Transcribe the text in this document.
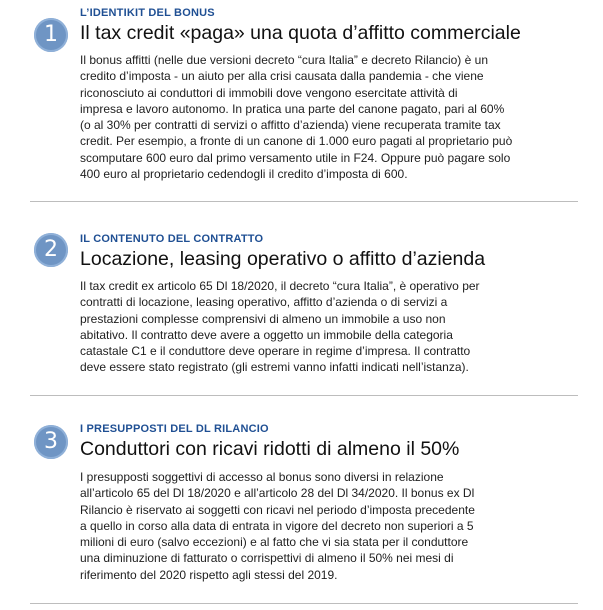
1
L’IDENTIKIT DEL BONUS
Il tax credit «paga» una quota d’affitto commerciale
Il bonus affitti (nelle due versioni decreto “cura Italia” e decreto Rilancio) è un
credito d’imposta - un aiuto per alla crisi causata dalla pandemia - che viene
riconosciuto ai conduttori di immobili dove vengono esercitate attività di
impresa e lavoro autonomo. In pratica una parte del canone pagato, pari al 60%
(o al 30% per contratti di servizi o affitto d’azienda) viene recuperata tramite tax
credit. Per esempio, a fronte di un canone di 1.000 euro pagati al proprietario può
scomputare 600 euro dal primo versamento utile in F24. Oppure può pagare solo
400 euro al proprietario cedendogli il credito d’imposta di 600.
2	IL CONTENUTO DEL CONTRATTO
Locazione, leasing operativo o affitto d’azienda
Il tax credit ex articolo 65 Dl 18/2020, il decreto “cura Italia”, è operativo per
contratti di locazione, leasing operativo, affitto d’azienda o di servizi a
prestazioni complesse comprensivi di almeno un immobile a uso non
abitativo. Il contratto deve avere a oggetto un immobile della categoria
catastale C1 e il conduttore deve operare in regime d’impresa. Il contratto
deve essere stato registrato (gli estremi vanno infatti indicati nell’istanza).
3	I PRESUPPOSTI DEL DL RILANCIO
Conduttori con ricavi ridotti di almeno il 50%
I presupposti soggettivi di accesso al bonus sono diversi in relazione
all’articolo 65 del Dl 18/2020 e all’articolo 28 del Dl 34/2020. Il bonus ex Dl
Rilancio è riservato ai soggetti con ricavi nel periodo d’imposta precedente
a quello in corso alla data di entrata in vigore del decreto non superiori a 5
milioni di euro (salvo eccezioni) e al fatto che vi sia stata per il conduttore
una diminuzione di fatturato o corrispettivi di almeno il 50% nei mesi di
riferimento del 2020 rispetto agli stessi del 2019.
